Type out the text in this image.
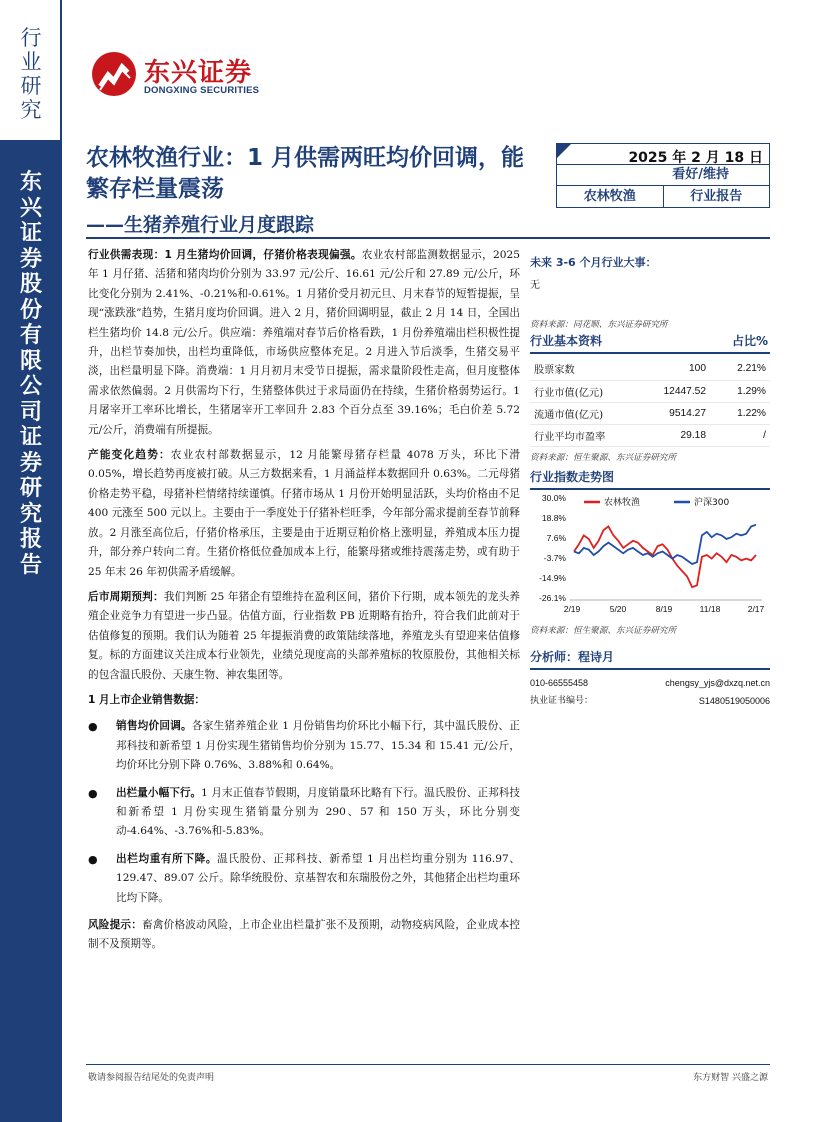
行业研究
东兴证券股份有限公司证券研究报告
东兴证券
DONGXING SECURITIES
农林牧渔行业：1 月供需两旺均价回调，能繁存栏量震荡
——生猪养殖行业月度跟踪
2025 年 2 月 18 日
看好/维持
农林牧渔	行业报告

行业供需表现：1 月生猪均价回调，仔猪价格表现偏强。农业农村部监测数据显示，2025 年 1 月仔猪、活猪和猪肉均价分别为 33.97 元/公斤、16.61 元/公斤和 27.89 元/公斤，环比变化分别为 2.41%、-0.21%和-0.61%。1 月猪价受月初元旦、月末春节的短暂提振，呈现“涨跌涨”趋势，生猪月度均价回调。进入 2 月，猪价回调明显，截止 2 月 14 日，全国出栏生猪均价 14.8 元/公斤。供应端：养殖端对春节后价格看跌，1 月份养殖端出栏积极性提升，出栏节奏加快，出栏均重降低，市场供应整体充足。2 月进入节后淡季，生猪交易平淡，出栏量明显下降。消费端：1 月月初月末受节日提振，需求量阶段性走高，但月度整体需求依然偏弱。2 月供需均下行，生猪整体供过于求局面仍在持续，生猪价格弱势运行。1 月屠宰开工率环比增长，生猪屠宰开工率回升 2.83 个百分点至 39.16%；毛白价差 5.72 元/公斤，消费端有所提振。

产能变化趋势：农业农村部数据显示，12 月能繁母猪存栏量 4078 万头，环比下滑 0.05%，增长趋势再度被打破。从三方数据来看，1 月涌益样本数据回升 0.63%。二元母猪价格走势平稳，母猪补栏情绪持续谨慎。仔猪市场从 1 月份开始明显活跃，头均价格由不足 400 元涨至 500 元以上。主要由于一季度处于仔猪补栏旺季，今年部分需求提前至春节前释放。2 月涨至高位后，仔猪价格承压，主要是由于近期豆粕价格上涨明显，养殖成本压力提升，部分养户转向二育。生猪价格低位叠加成本上行，能繁母猪或维持震荡走势，或有助于 25 年末 26 年初供需矛盾缓解。

后市周期预判：我们判断 25 年猪企有望维持在盈利区间，猪价下行期，成本领先的龙头养殖企业竞争力有望进一步凸显。估值方面，行业指数 PB 近期略有抬升，符合我们此前对于估值修复的预期。我们认为随着 25 年提振消费的政策陆续落地，养殖龙头有望迎来估值修复。标的方面建议关注成本行业领先，业绩兑现度高的头部养殖标的牧原股份，其他相关标的包含温氏股份、天康生物、神农集团等。

1 月上市企业销售数据：
● 销售均价回调。各家生猪养殖企业 1 月份销售均价环比小幅下行，其中温氏股份、正邦科技和新希望 1 月份实现生猪销售均价分别为 15.77、15.34 和 15.41 元/公斤，均价环比分别下降 0.76%、3.88%和 0.64%。
● 出栏量小幅下行。1 月末正值春节假期，月度销量环比略有下行。温氏股份、正邦科技和新希望 1 月份实现生猪销量分别为 290、57 和 150 万头，环比分别变动-4.64%、-3.76%和-5.83%。
● 出栏均重有所下降。温氏股份、正邦科技、新希望 1 月出栏均重分别为 116.97、129.47、89.07 公斤。除华统股份、京基智农和东瑞股份之外，其他猪企出栏均重环比均下降。

风险提示：畜禽价格波动风险，上市企业出栏量扩张不及预期，动物疫病风险，企业成本控制不及预期等。

未来 3-6 个月行业大事：
无
资料来源：同花顺、东兴证券研究所
行业基本资料	占比%
股票家数	100	2.21%
行业市值(亿元)	12447.52	1.29%
流通市值(亿元)	9514.27	1.22%
行业平均市盈率	29.18	/
资料来源：恒生聚源、东兴证券研究所
行业指数走势图
30.0%
18.8%
7.6%
-3.7%
-14.9%
-26.1%
2/19	5/20	8/19	11/18	2/17
农林牧渔	沪深300
资料来源：恒生聚源、东兴证券研究所
分析师：程诗月
010-66555458	chengsy_yjs@dxzq.net.cn
执业证书编号：	S1480519050006
敬请参阅报告结尾处的免责声明	东方财智 兴盛之源
